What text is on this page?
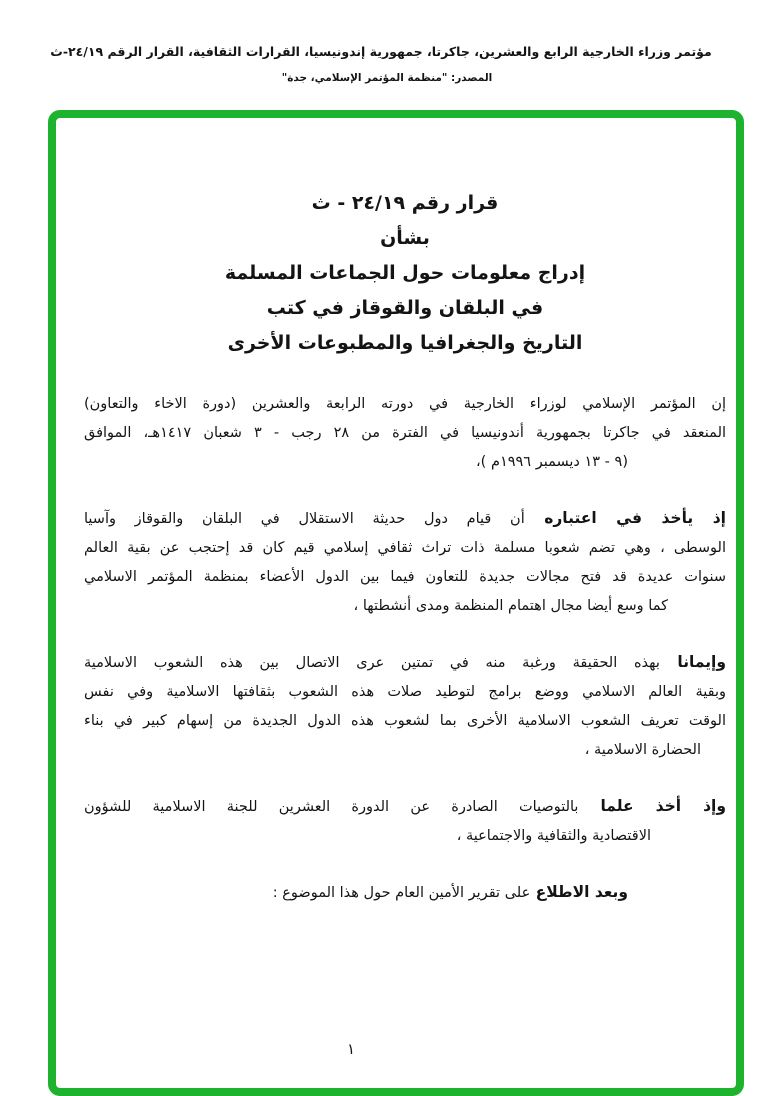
مؤتمر وزراء الخارجية الرابع والعشرين، جاكرتا، جمهورية إندونيسيا، القرارات الثقافية، القرار الرقم ٢٤/١٩-ث
المصدر: "منظمة المؤتمر الإسلامي، جدة"
قرار رقم ٢٤/١٩ - ث
بشأن
إدراج معلومات حول الجماعات المسلمة
في البلقان والقوقاز في كتب
التاريخ والجغرافيا والمطبوعات الأخرى
إن المؤتمر الإسلامي لوزراء الخارجية في دورته الرابعة والعشرين (دورة الاخاء والتعاون)
المنعقد في جاكرتا بجمهورية أندونيسيا في الفترة من ٢٨ رجب - ٣ شعبان ١٤١٧هـ، الموافق
(٩ - ١٣ ديسمبر ١٩٩٦م )،
إذ يأخذ في اعتباره أن قيام دول حديثة الاستقلال في البلقان والقوقاز وآسيا
الوسطى ، وهي تضم شعوبا مسلمة ذات تراث ثقافي إسلامي قيم كان قد إحتجب عن بقية العالم
سنوات عديدة قد فتح مجالات جديدة للتعاون فيما بين الدول الأعضاء بمنظمة المؤتمر الاسلامي
كما وسع أيضا مجال اهتمام المنظمة ومدى أنشطتها ،
وإيمانا بهذه الحقيقة ورغبة منه في تمتين عرى الاتصال بين هذه الشعوب الاسلامية
وبقية العالم الاسلامي ووضع برامج لتوطيد صلات هذه الشعوب بثقافتها الاسلامية وفي نفس
الوقت تعريف الشعوب الاسلامية الأخرى بما لشعوب هذه الدول الجديدة من إسهام كبير في بناء
الحضارة الاسلامية ،
وإذ أخذ علما بالتوصيات الصادرة عن الدورة العشرين للجنة الاسلامية للشؤون
الاقتصادية والثقافية والاجتماعية ،
وبعد الاطلاع على تقرير الأمين العام حول هذا الموضوع :
١
